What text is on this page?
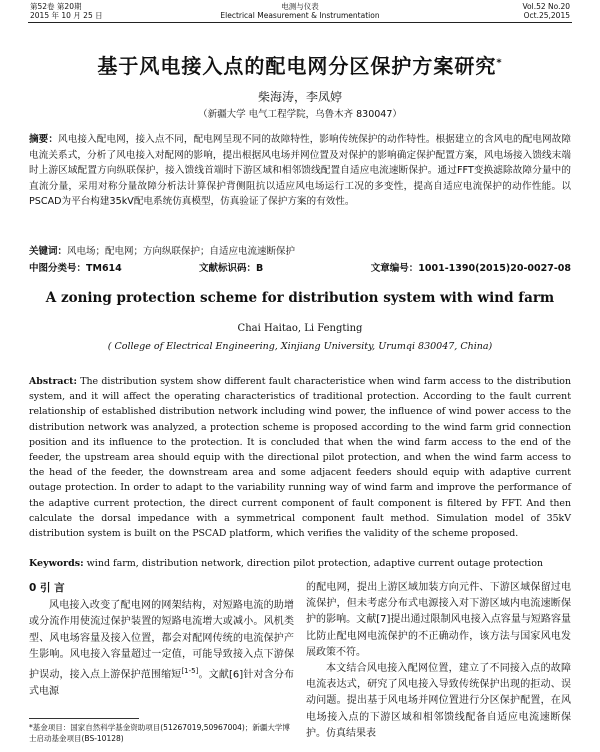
第52卷 第20期
2015 年 10 月 25 日
电测与仪表
Electrical Measurement & Instrumentation
Vol.52 No.20
Oct.25,2015
基于风电接入点的配电网分区保护方案研究*
柴海涛，李凤婷
（新疆大学 电气工程学院，乌鲁木齐 830047）
摘要：风电接入配电网，接入点不同，配电网呈现不同的故障特性，影响传统保护的动作特性。根据建立的含风电的配电网故障电流关系式，分析了风电接入对配网的影响，提出根据风电场并网位置及对保护的影响确定保护配置方案，风电场接入馈线末端时上游区域配置方向纵联保护，接入馈线首端时下游区域和相邻馈线配置自适应电流速断保护。通过FFT变换滤除故障分量中的直流分量，采用对称分量故障分析法计算保护背侧阻抗以适应风电场运行工况的多变性，提高自适应电流保护的动作性能。以PSCAD为平台构建35kV配电系统仿真模型，仿真验证了保护方案的有效性。
关键词：风电场；配电网；方向纵联保护；自适应电流速断保护
中图分类号：TM614	文献标识码：B	文章编号：1001-1390(2015)20-0027-08
A zoning protection scheme for distribution system with wind farm
Chai Haitao, Li Fengting
( College of Electrical Engineering, Xinjiang University, Urumqi 830047, China)
Abstract: The distribution system show different fault characteristice when wind farm access to the distribution system, and it will affect the operating characteristics of traditional protection. According to the fault current relationship of established distribution network including wind power, the influence of wind power access to the distribution network was analyzed, a protection scheme is proposed according to the wind farm grid connection position and its influence to the protection. It is concluded that when the wind farm access to the end of the feeder, the upstream area should equip with the directional pilot protection, and when the wind farm access to the head of the feeder, the downstream area and some adjacent feeders should equip with adaptive current outage protection. In order to adapt to the variability running way of wind farm and improve the performance of the adaptive current protection, the direct current component of fault component is filtered by FFT. And then calculate the dorsal impedance with a symmetrical component fault method. Simulation model of 35kV distribution system is built on the PSCAD platform, which verifies the validity of the scheme proposed.
Keywords: wind farm, distribution network, direction pilot protection, adaptive current outage protection
0 引 言
风电接入改变了配电网的网架结构，对短路电流的助增或分流作用使流过保护装置的短路电流增大或减小。风机类型、风电场容量及接入位置，都会对配网传统的电流保护产生影响。风电接入容量超过一定值，可能导致接入点下游保护误动，接入点上游保护范围缩短[1-5]。文献[6]针对含分布式电源
*基金项目：国家自然科学基金资助项目(51267019,50967004)；新疆大学博士启动基金项目(BS-10128)
的配电网，提出上游区域加装方向元件、下游区域保留过电流保护，但未考虑分布式电源接入对下游区域内电流速断保护的影响。文献[7]提出通过限制风电接入点容量与短路容量比防止配电网电流保护的不正确动作，该方法与国家风电发展政策不符。
本文结合风电接入配网位置，建立了不同接入点的故障电流表达式，研究了风电接入导致传统保护出现的拒动、误动问题。提出基于风电场并网位置进行分区保护配置，在风电场接入点的下游区域和相邻馈线配备自适应电流速断保护。仿真结果表
